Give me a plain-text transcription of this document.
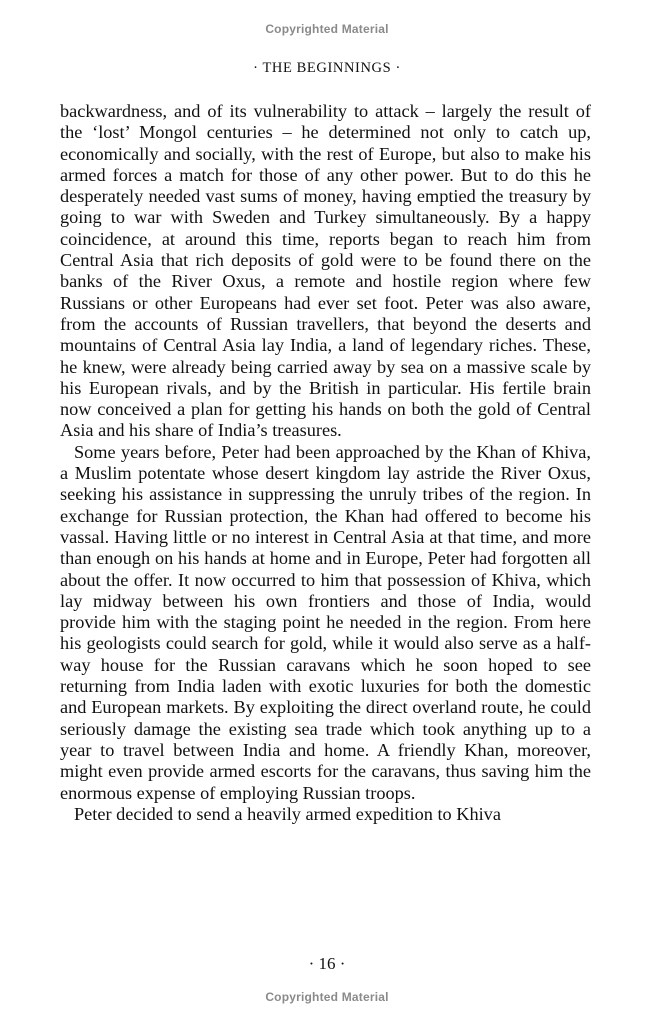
Copyrighted Material
· THE BEGINNINGS ·

backwardness, and of its vulnerability to attack – largely the result of the ‘lost’ Mongol centuries – he determined not only to catch up, economically and socially, with the rest of Europe, but also to make his armed forces a match for those of any other power. But to do this he desperately needed vast sums of money, having emptied the treasury by going to war with Sweden and Turkey simultaneously. By a happy coincidence, at around this time, reports began to reach him from Central Asia that rich deposits of gold were to be found there on the banks of the River Oxus, a remote and hostile region where few Russians or other Europeans had ever set foot. Peter was also aware, from the accounts of Russian travellers, that beyond the deserts and mountains of Central Asia lay India, a land of legendary riches. These, he knew, were already being carried away by sea on a massive scale by his European rivals, and by the British in particular. His fertile brain now conceived a plan for getting his hands on both the gold of Central Asia and his share of India’s treasures.

Some years before, Peter had been approached by the Khan of Khiva, a Muslim potentate whose desert kingdom lay astride the River Oxus, seeking his assistance in suppressing the unruly tribes of the region. In exchange for Russian protection, the Khan had offered to become his vassal. Having little or no interest in Central Asia at that time, and more than enough on his hands at home and in Europe, Peter had forgotten all about the offer. It now occurred to him that possession of Khiva, which lay midway between his own frontiers and those of India, would provide him with the staging point he needed in the region. From here his geologists could search for gold, while it would also serve as a half-way house for the Russian caravans which he soon hoped to see returning from India laden with exotic luxuries for both the domestic and European markets. By exploiting the direct overland route, he could seriously damage the existing sea trade which took anything up to a year to travel between India and home. A friendly Khan, moreover, might even provide armed escorts for the caravans, thus saving him the enormous expense of employing Russian troops.

Peter decided to send a heavily armed expedition to Khiva

· 16 ·
Copyrighted Material
